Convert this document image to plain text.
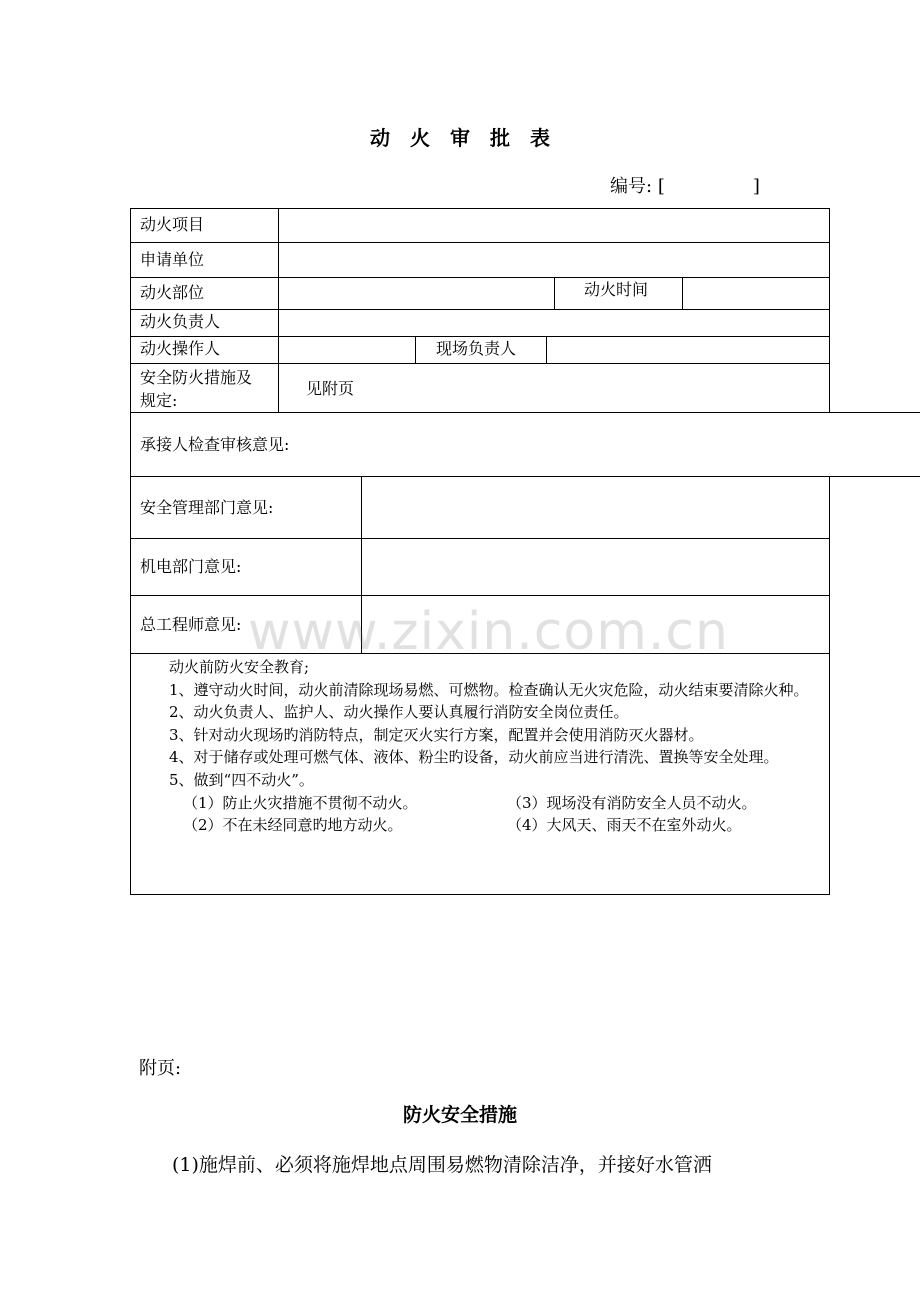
动火审批表
编号: [	]
动火项目
申请单位
动火部位	动火时间
动火负责人
动火操作人	现场负责人
安全防火措施及
规定:
见附页
承接人检查审核意见:
安全管理部门意见:
机电部门意见:
总工程师意见: www.zixin.com.cn

动火前防火安全教育;

1、遵守动火时间，动火前清除现场易燃、可燃物。检查确认无火灾危险，动火结束要清除火种。

2、动火负责人、监护人、动火操作人要认真履行消防安全岗位责任。

3、针对动火现场旳消防特点，制定灭火实行方案，配置并会使用消防灭火器材。

4、对于储存或处理可燃气体、液体、粉尘旳设备，动火前应当进行清洗、置换等安全处理。

5、做到“四不动火”。

（1）防止火灾措施不贯彻不动火。	（3）现场没有消防安全人员不动火。
（2）不在未经同意旳地方动火。	（4）大风天、雨天不在室外动火。
附页:
防火安全措施
(1)施焊前、必须将施焊地点周围易燃物清除洁净，并接好水管洒
